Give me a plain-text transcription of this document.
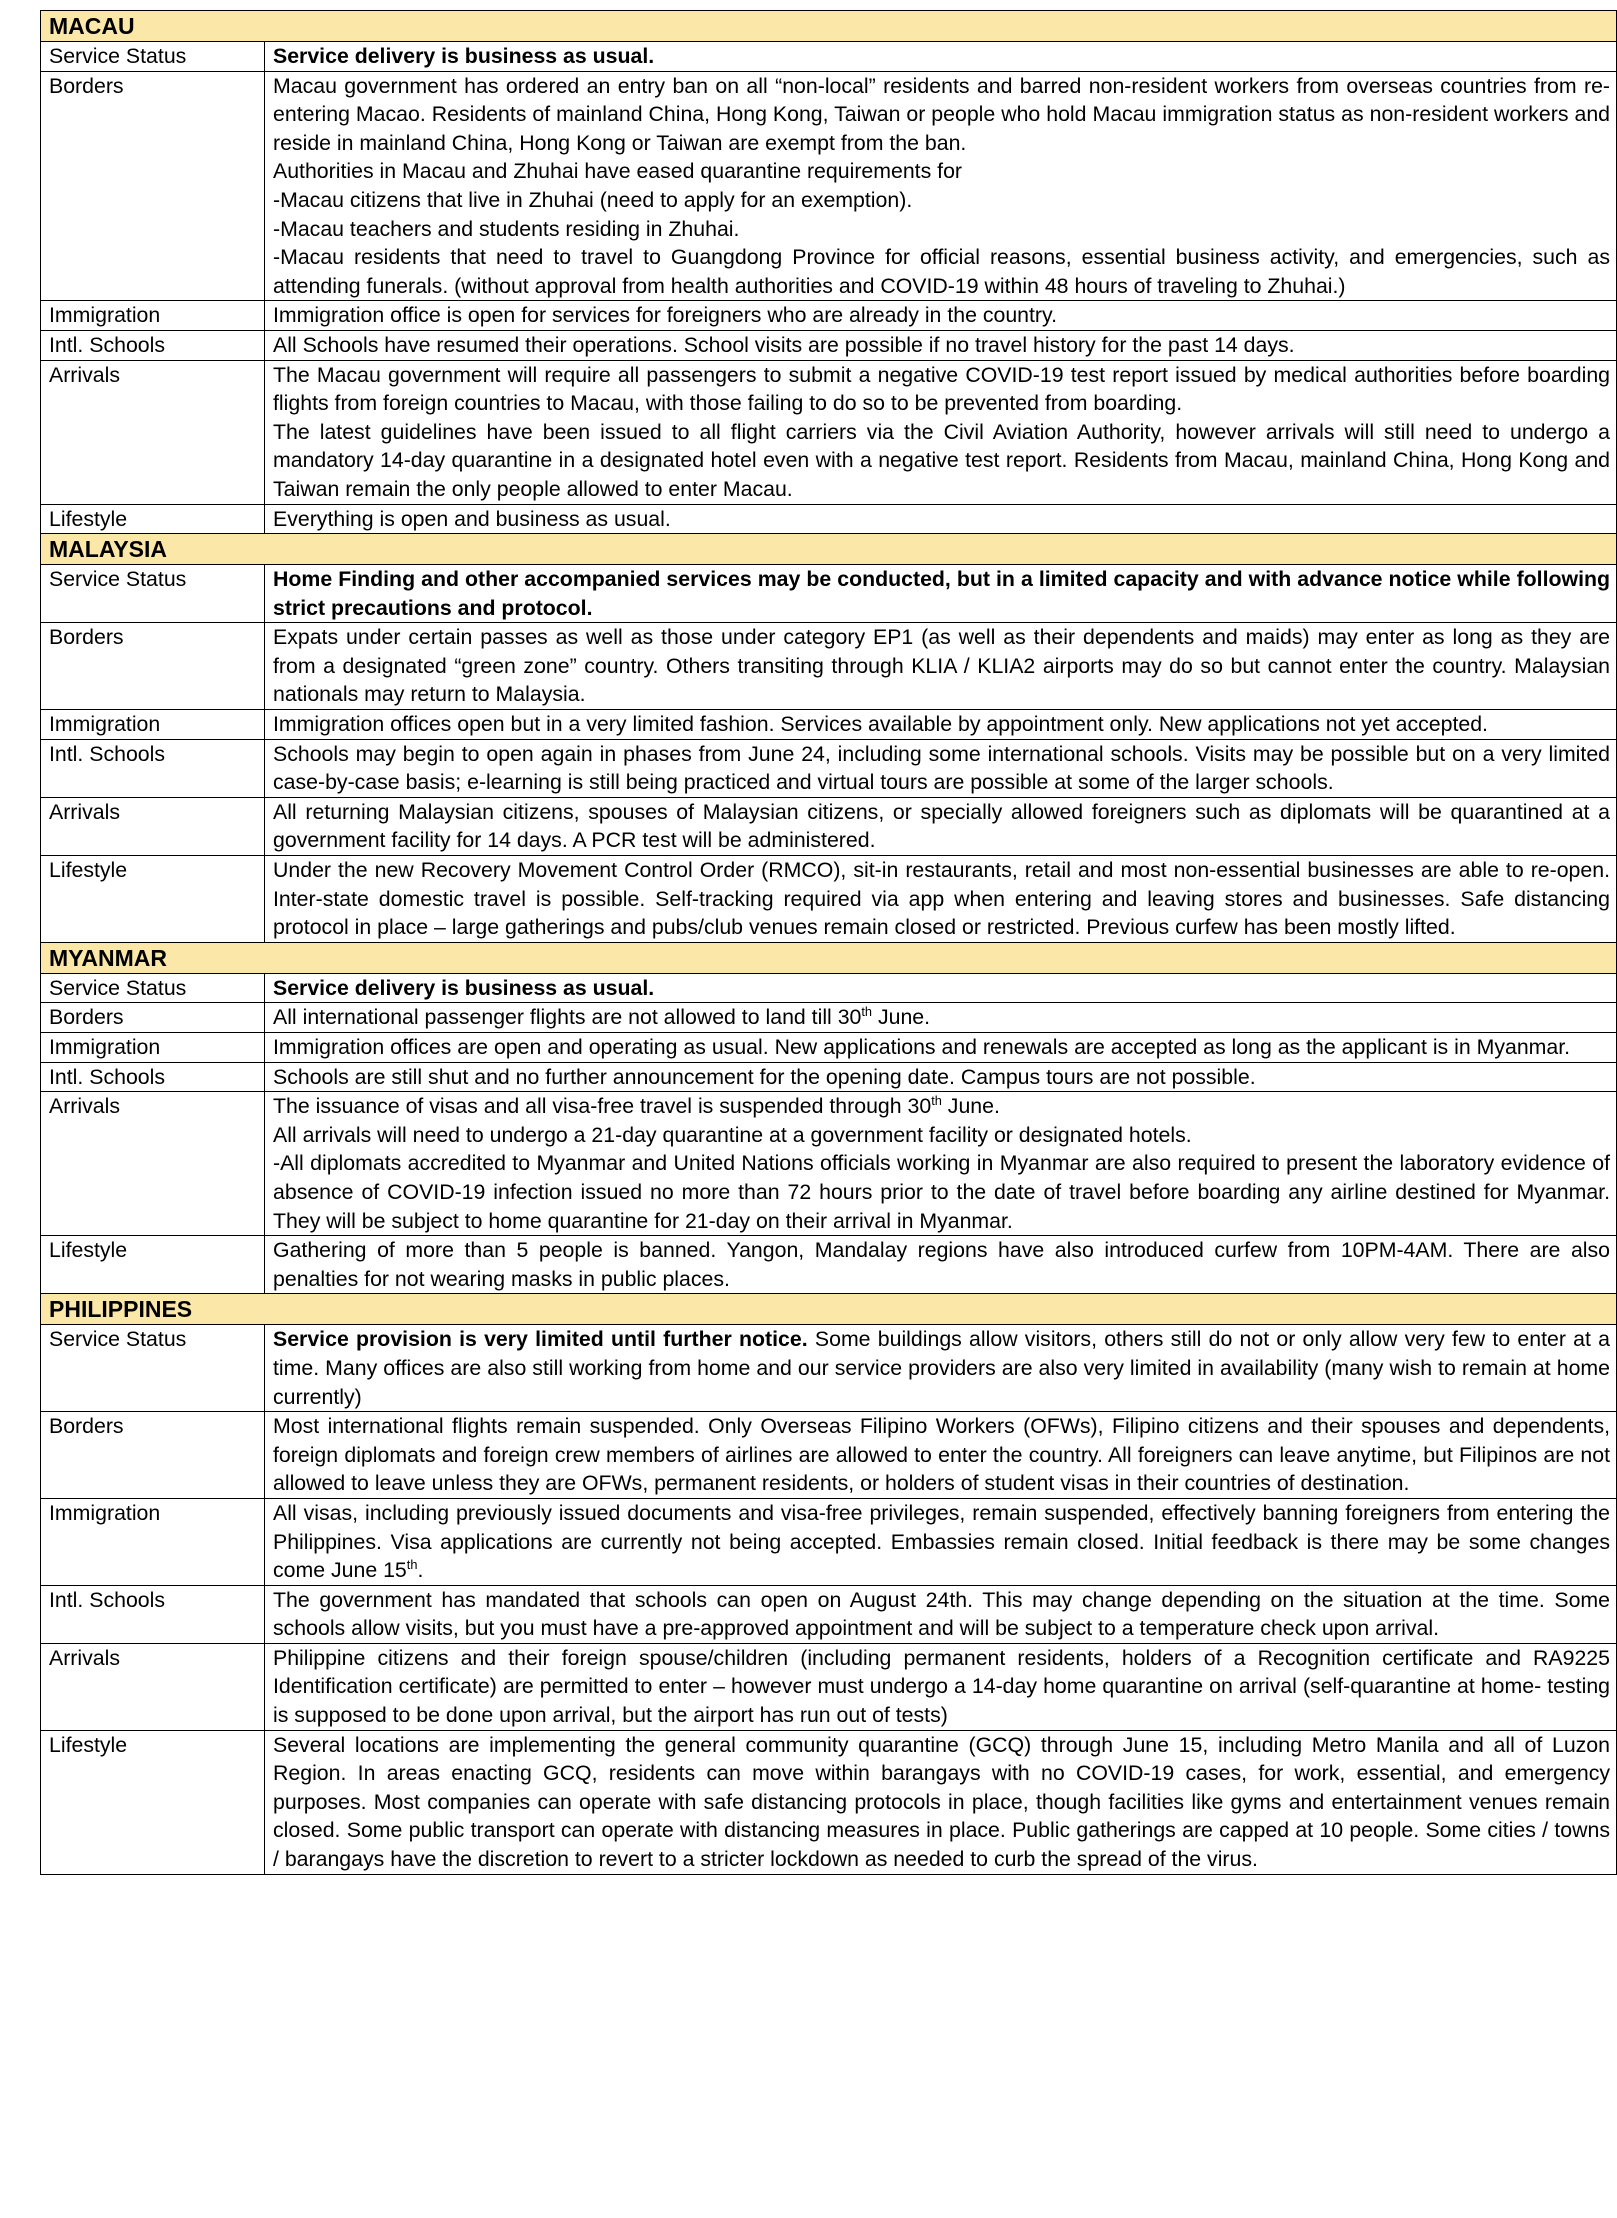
MACAU	
Service Status	Service delivery is business as usual.
Borders	Macau government has ordered an entry ban on all “non-local” residents and barred non-resident workers from overseas countries from re-entering Macao. Residents of mainland China, Hong Kong, Taiwan or people who hold Macau immigration status as non-resident workers and reside in mainland China, Hong Kong or Taiwan are exempt from the ban.
Authorities in Macau and Zhuhai have eased quarantine requirements for
-Macau citizens that live in Zhuhai (need to apply for an exemption).
-Macau teachers and students residing in Zhuhai.
-Macau residents that need to travel to Guangdong Province for official reasons, essential business activity, and emergencies, such as attending funerals. (without approval from health authorities and COVID-19 within 48 hours of traveling to Zhuhai.)

Immigration	Immigration office is open for services for foreigners who are already in the country.

Intl. Schools	All Schools have resumed their operations. School visits are possible if no travel history for the past 14 days.

Arrivals	The Macau government will require all passengers to submit a negative COVID-19 test report issued by medical authorities before boarding flights from foreign countries to Macau, with those failing to do so to be prevented from boarding.
The latest guidelines have been issued to all flight carriers via the Civil Aviation Authority, however arrivals will still need to undergo a mandatory 14-day quarantine in a designated hotel even with a negative test report. Residents from Macau, mainland China, Hong Kong and Taiwan remain the only people allowed to enter Macau.

Lifestyle	Everything is open and business as usual.

MALAYSIA	
Service Status	Home Finding and other accompanied services may be conducted, but in a limited capacity and with advance notice while following strict precautions and protocol.
Borders	Expats under certain passes as well as those under category EP1 (as well as their dependents and maids) may enter as long as they are from a designated “green zone” country. Others transiting through KLIA / KLIA2 airports may do so but cannot enter the country. Malaysian nationals may return to Malaysia.

Immigration	Immigration offices open but in a very limited fashion. Services available by appointment only. New applications not yet accepted.

Intl. Schools	Schools may begin to open again in phases from June 24, including some international schools. Visits may be possible but on a very limited case-by-case basis; e-learning is still being practiced and virtual tours are possible at some of the larger schools.

Arrivals	All returning Malaysian citizens, spouses of Malaysian citizens, or specially allowed foreigners such as diplomats will be quarantined at a government facility for 14 days. A PCR test will be administered.

Lifestyle	Under the new Recovery Movement Control Order (RMCO), sit-in restaurants, retail and most non-essential businesses are able to re-open. Inter-state domestic travel is possible. Self-tracking required via app when entering and leaving stores and businesses. Safe distancing protocol in place – large gatherings and pubs/club venues remain closed or restricted. Previous curfew has been mostly lifted.

MYANMAR	
Service Status	Service delivery is business as usual.
Borders	All international passenger flights are not allowed to land till 30th June.

Immigration	Immigration offices are open and operating as usual. New applications and renewals are accepted as long as the applicant is in Myanmar.

Intl. Schools	Schools are still shut and no further announcement for the opening date. Campus tours are not possible.

Arrivals	The issuance of visas and all visa-free travel is suspended through 30th June.
All arrivals will need to undergo a 21-day quarantine at a government facility or designated hotels.
-All diplomats accredited to Myanmar and United Nations officials working in Myanmar are also required to present the laboratory evidence of absence of COVID-19 infection issued no more than 72 hours prior to the date of travel before boarding any airline destined for Myanmar. They will be subject to home quarantine for 21-day on their arrival in Myanmar.

Lifestyle	Gathering of more than 5 people is banned. Yangon, Mandalay regions have also introduced curfew from 10PM-4AM. There are also penalties for not wearing masks in public places.

PHILIPPINES	
Service Status	Service provision is very limited until further notice. Some buildings allow visitors, others still do not or only allow very few to enter at a time. Many offices are also still working from home and our service providers are also very limited in availability (many wish to remain at home currently)
Borders	Most international flights remain suspended. Only Overseas Filipino Workers (OFWs), Filipino citizens and their spouses and dependents, foreign diplomats and foreign crew members of airlines are allowed to enter the country. All foreigners can leave anytime, but Filipinos are not allowed to leave unless they are OFWs, permanent residents, or holders of student visas in their countries of destination.

Immigration	All visas, including previously issued documents and visa-free privileges, remain suspended, effectively banning foreigners from entering the Philippines. Visa applications are currently not being accepted. Embassies remain closed. Initial feedback is there may be some changes come June 15th.

Intl. Schools	The government has mandated that schools can open on August 24th. This may change depending on the situation at the time. Some schools allow visits, but you must have a pre-approved appointment and will be subject to a temperature check upon arrival.

Arrivals	Philippine citizens and their foreign spouse/children (including permanent residents, holders of a Recognition certificate and RA9225 Identification certificate) are permitted to enter – however must undergo a 14-day home quarantine on arrival (self-quarantine at home- testing is supposed to be done upon arrival, but the airport has run out of tests)

Lifestyle	Several locations are implementing the general community quarantine (GCQ) through June 15, including Metro Manila and all of Luzon Region. In areas enacting GCQ, residents can move within barangays with no COVID-19 cases, for work, essential, and emergency purposes. Most companies can operate with safe distancing protocols in place, though facilities like gyms and entertainment venues remain closed. Some public transport can operate with distancing measures in place. Public gatherings are capped at 10 people. Some cities / towns / barangays have the discretion to revert to a stricter lockdown as needed to curb the spread of the virus.
